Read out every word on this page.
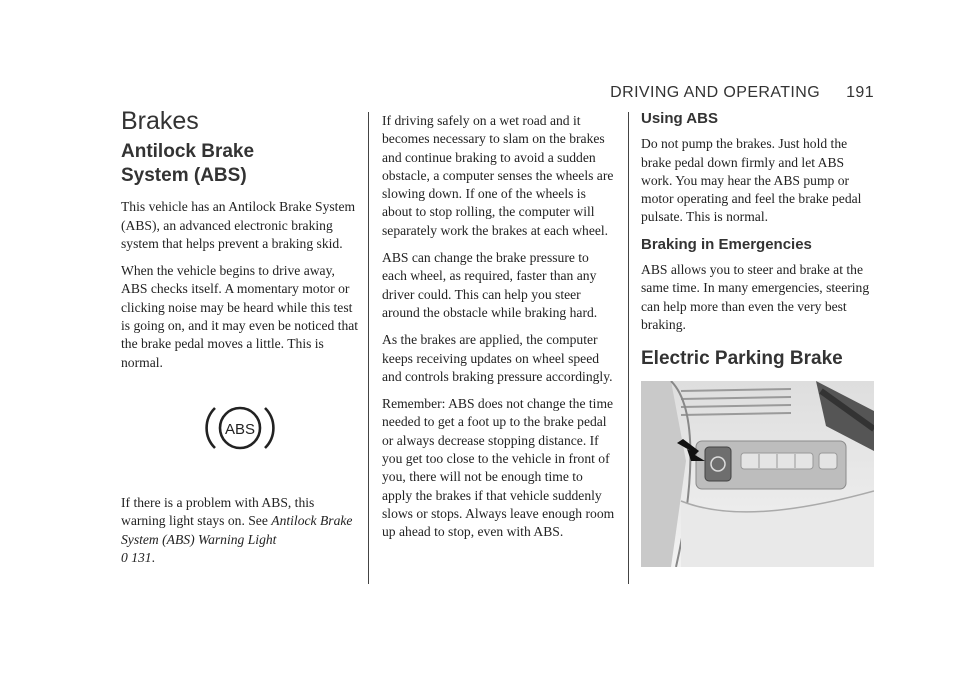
DRIVING AND OPERATING 191
Brakes
Antilock Brake
System (ABS)

This vehicle has an Antilock Brake System (ABS), an advanced electronic braking system that helps prevent a braking skid.

When the vehicle begins to drive away, ABS checks itself. A momentary motor or clicking noise may be heard while this test is going on, and it may even be noticed that the brake pedal moves a little. This is normal.

ABS

If there is a problem with ABS, this warning light stays on. See Antilock Brake System (ABS) Warning Light
0 131.

If driving safely on a wet road and it becomes necessary to slam on the brakes and continue braking to avoid a sudden obstacle, a computer senses the wheels are slowing down. If one of the wheels is about to stop rolling, the computer will separately work the brakes at each wheel.

ABS can change the brake pressure to each wheel, as required, faster than any driver could. This can help you steer around the obstacle while braking hard.

As the brakes are applied, the computer keeps receiving updates on wheel speed and controls braking pressure accordingly.

Remember: ABS does not change the time needed to get a foot up to the brake pedal or always decrease stopping distance. If you get too close to the vehicle in front of you, there will not be enough time to apply the brakes if that vehicle suddenly slows or stops. Always leave enough room up ahead to stop, even with ABS.

Using ABS

Do not pump the brakes. Just hold the brake pedal down firmly and let ABS work. You may hear the ABS pump or motor operating and feel the brake pedal pulsate. This is normal.

Braking in Emergencies

ABS allows you to steer and brake at the same time. In many emergencies, steering can help more than even the very best braking.

Electric Parking Brake
